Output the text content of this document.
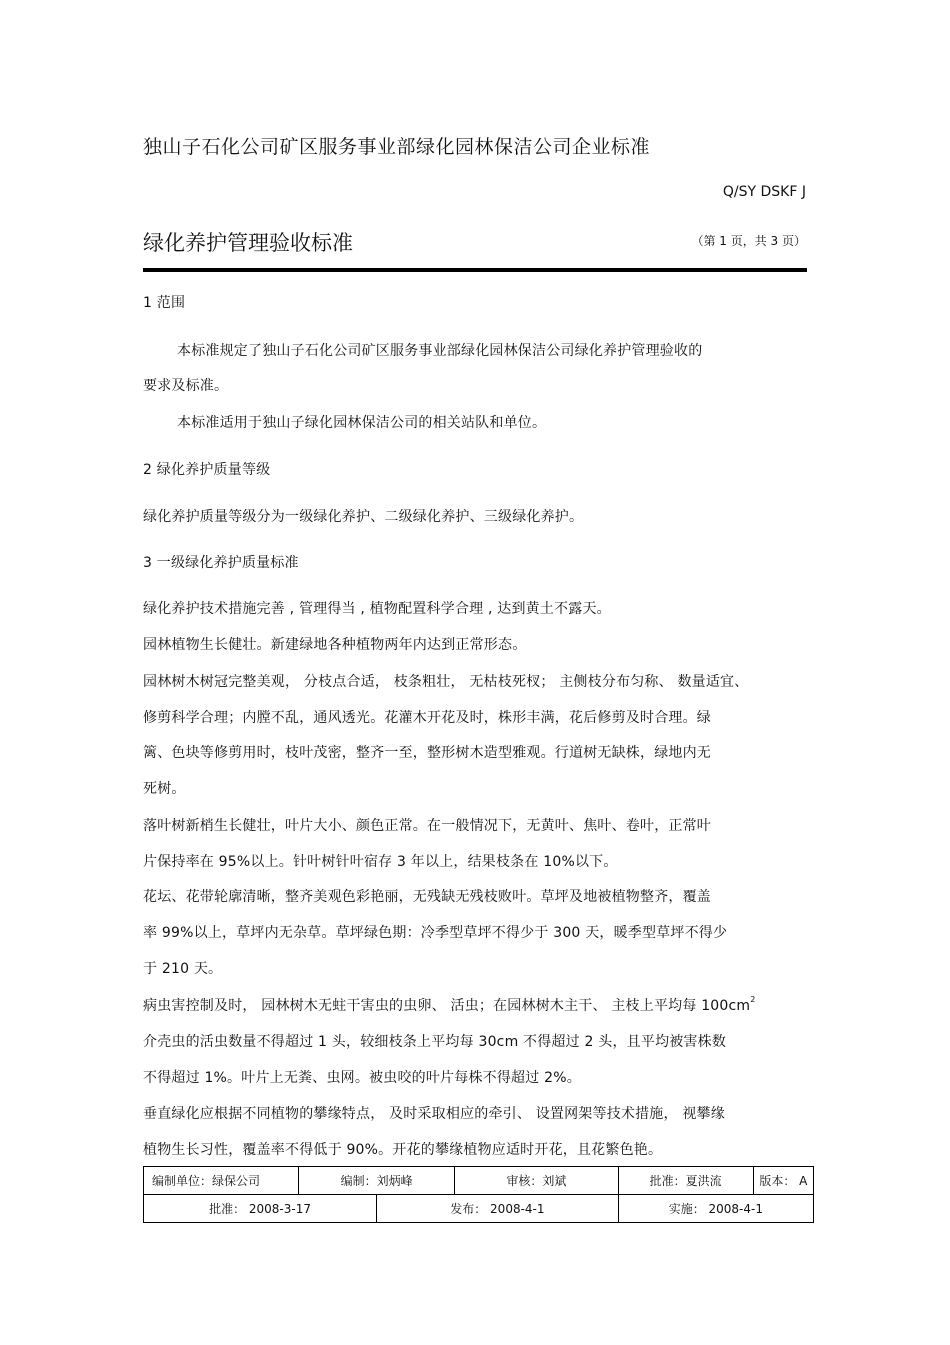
独山子石化公司矿区服务事业部绿化园林保洁公司企业标准
Q/SY DSKF J
绿化养护管理验收标准	（第 1 页，共 3 页）
1 范围
本标准规定了独山子石化公司矿区服务事业部绿化园林保洁公司绿化养护管理验收的
要求及标准。
本标准适用于独山子绿化园林保洁公司的相关站队和单位。
2 绿化养护质量等级
绿化养护质量等级分为一级绿化养护、二级绿化养护、三级绿化养护。
3 一级绿化养护质量标准
绿化养护技术措施完善 , 管理得当 , 植物配置科学合理 , 达到黄土不露天。
园林植物生长健壮。新建绿地各种植物两年内达到正常形态。
园林树木树冠完整美观， 分枝点合适， 枝条粗壮， 无枯枝死杈； 主侧枝分布匀称、 数量适宜、
修剪科学合理；内膛不乱，通风透光。花灌木开花及时，株形丰满，花后修剪及时合理。绿
篱、色块等修剪用时，枝叶茂密，整齐一至，整形树木造型雅观。行道树无缺株，绿地内无
死树。
落叶树新梢生长健壮，叶片大小、颜色正常。在一般情况下，无黄叶、焦叶、卷叶，正常叶
片保持率在 95%以上。针叶树针叶宿存 3 年以上，结果枝条在 10%以下。
花坛、花带轮廓清晰，整齐美观色彩艳丽，无残缺无残枝败叶。草坪及地被植物整齐，覆盖
率 99%以上，草坪内无杂草。草坪绿色期：冷季型草坪不得少于 300 天，暖季型草坪不得少
于 210 天。
病虫害控制及时， 园林树木无蛀干害虫的虫卵、 活虫；在园林树木主干、 主枝上平均每 $100cm^2$
介壳虫的活虫数量不得超过 1 头，较细枝条上平均每 30cm 不得超过 2 头，且平均被害株数
不得超过 1%。叶片上无粪、虫网。被虫咬的叶片每株不得超过 2%。
垂直绿化应根据不同植物的攀缘特点， 及时采取相应的牵引、 设置网架等技术措施， 视攀缘
植物生长习性，覆盖率不得低于 90%。开花的攀缘植物应适时开花，且花繁色艳。
编制单位：绿保公司	编制：刘炳峰		审核：刘斌	批准：夏洪流	版本： A
批准： 2008-3-17		发布： 2008-4-1		实施： 2008-4-1	
